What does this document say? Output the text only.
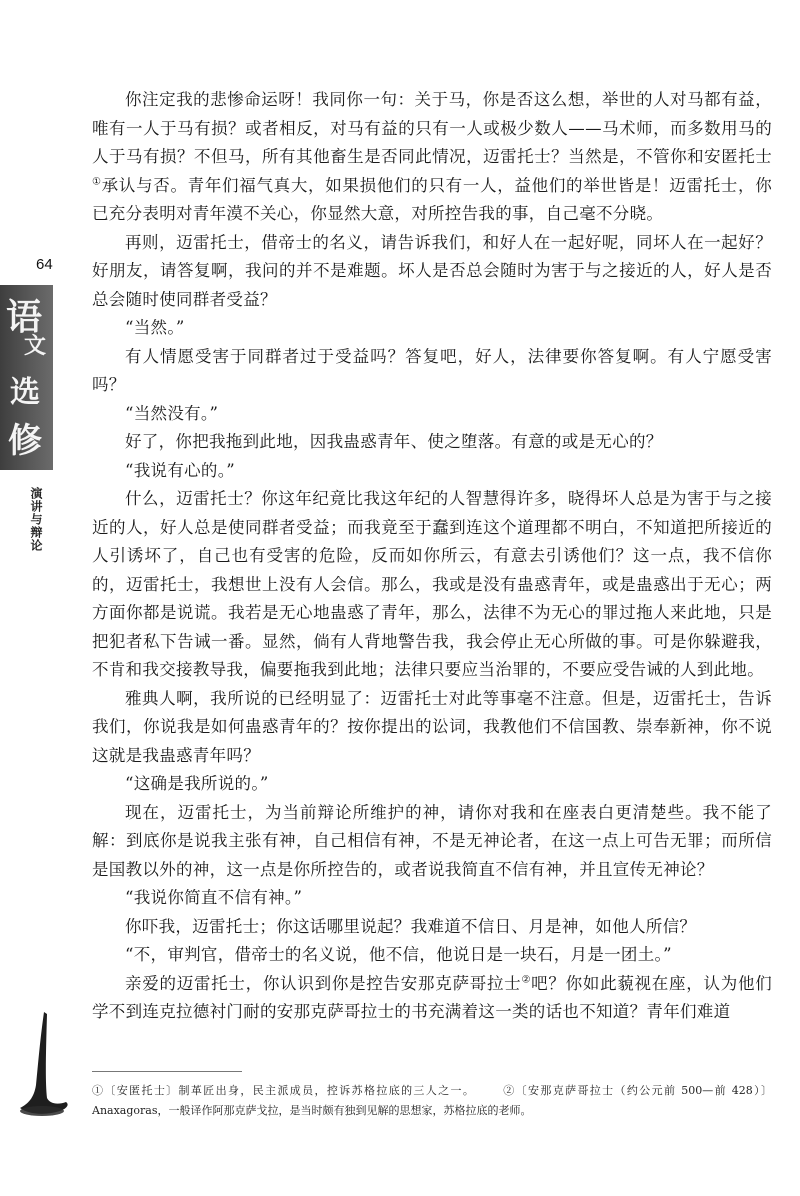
64
语
文
选
修
演讲与辩论

你注定我的悲惨命运呀！我同你一句：关于马，你是否这么想，举世的人对马都有益，唯有一人于马有损？或者相反，对马有益的只有一人或极少数人——马术师，而多数用马的人于马有损？不但马，所有其他畜生是否同此情况，迈雷托士？当然是，不管你和安匿托士①承认与否。青年们福气真大，如果损他们的只有一人，益他们的举世皆是！迈雷托士，你已充分表明对青年漠不关心，你显然大意，对所控告我的事，自己毫不分晓。

再则，迈雷托士，借帝士的名义，请告诉我们，和好人在一起好呢，同坏人在一起好？好朋友，请答复啊，我问的并不是难题。坏人是否总会随时为害于与之接近的人，好人是否总会随时使同群者受益？

“当然。”

有人情愿受害于同群者过于受益吗？答复吧，好人，法律要你答复啊。有人宁愿受害吗？

“当然没有。”

好了，你把我拖到此地，因我蛊惑青年、使之堕落。有意的或是无心的？

“我说有心的。”

什么，迈雷托士？你这年纪竟比我这年纪的人智慧得许多，晓得坏人总是为害于与之接近的人，好人总是使同群者受益；而我竟至于蠢到连这个道理都不明白，不知道把所接近的人引诱坏了，自己也有受害的危险，反而如你所云，有意去引诱他们？这一点，我不信你的，迈雷托士，我想世上没有人会信。那么，我或是没有蛊惑青年，或是蛊惑出于无心；两方面你都是说谎。我若是无心地蛊惑了青年，那么，法律不为无心的罪过拖人来此地，只是把犯者私下告诫一番。显然，倘有人背地警告我，我会停止无心所做的事。可是你躲避我，不肯和我交接教导我，偏要拖我到此地；法律只要应当治罪的，不要应受告诫的人到此地。

雅典人啊，我所说的已经明显了：迈雷托士对此等事毫不注意。但是，迈雷托士，告诉我们，你说我是如何蛊惑青年的？按你提出的讼词，我教他们不信国教、崇奉新神，你不说这就是我蛊惑青年吗？

“这确是我所说的。”

现在，迈雷托士，为当前辩论所维护的神，请你对我和在座表白更清楚些。我不能了解：到底你是说我主张有神，自己相信有神，不是无神论者，在这一点上可告无罪；而所信是国教以外的神，这一点是你所控告的，或者说我简直不信有神，并且宣传无神论？

“我说你简直不信有神。”

你吓我，迈雷托士；你这话哪里说起？我难道不信日、月是神，如他人所信？

“不，审判官，借帝士的名义说，他不信，他说日是一块石，月是一团土。”

亲爱的迈雷托士，你认识到你是控告安那克萨哥拉士②吧？你如此藐视在座，认为他们学不到连克拉德衬门耐的安那克萨哥拉士的书充满着这一类的话也不知道？青年们难道

①〔安匿托士〕制革匠出身，民主派成员，控诉苏格拉底的三人之一。	②〔安那克萨哥拉士（约公元前 500—前 428）〕Anaxagoras，一般译作阿那克萨戈拉，是当时颇有独到见解的思想家，苏格拉底的老师。
